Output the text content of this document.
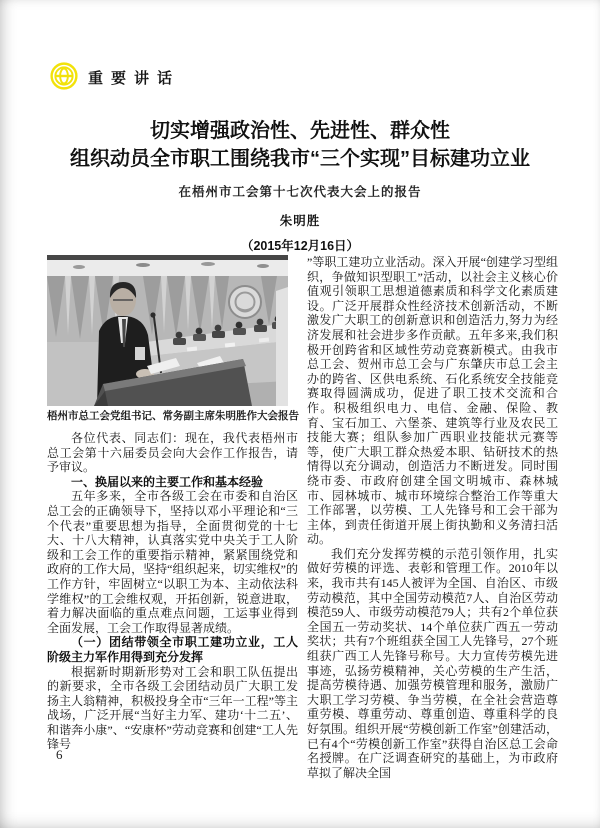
重要讲话
切实增强政治性、先进性、群众性
组织动员全市职工围绕我市“三个实现”目标建功立业
在梧州市工会第十七次代表大会上的报告
朱明胜
（2015年12月16日）
梧州市总工会党组书记、常务副主席朱明胜作大会报告

各位代表、同志们：现在，我代表梧州市总工会第十六届委员会向大会作工作报告，请予审议。

一、换届以来的主要工作和基本经验

五年多来，全市各级工会在市委和自治区总工会的正确领导下，坚持以邓小平理论和“三个代表”重要思想为指导，全面贯彻党的十七大、十八大精神，认真落实党中央关于工人阶级和工会工作的重要指示精神，紧紧围绕党和政府的工作大局，坚持“组织起来，切实维权”的工作方针，牢固树立“以职工为本、主动依法科学维权”的工会维权观，开拓创新，锐意进取，着力解决面临的重点难点问题，工运事业得到全面发展，工会工作取得显著成绩。

（一）团结带领全市职工建功立业，工人阶级主力军作用得到充分发挥

根据新时期新形势对工会和职工队伍提出的新要求，全市各级工会团结动员广大职工发扬主人翁精神，积极投身全市“三年一工程”等主战场，广泛开展“当好主力军、建功‘十二五’、和谐奔小康”、“安康杯”劳动竞赛和创建“工人先锋号

”等职工建功立业活动。深入开展“创建学习型组织，争做知识型职工”活动，以社会主义核心价值观引领职工思想道德素质和科学文化素质建设。广泛开展群众性经济技术创新活动，不断激发广大职工的创新意识和创造活力,努力为经济发展和社会进步多作贡献。五年多来,我们积极开创跨省和区域性劳动竞赛新模式。由我市总工会、贺州市总工会与广东肇庆市总工会主办的跨省、区供电系统、石化系统安全技能竞赛取得圆满成功，促进了职工技术交流和合作。积极组织电力、电信、金融、保险、教育、宝石加工、六堡茶、建筑等行业及农民工技能大赛；组队参加广西职业技能状元赛等等，使广大职工群众热爱本职、钻研技术的热情得以充分调动，创造活力不断迸发。同时围绕市委、市政府创建全国文明城市、森林城市、园林城市、城市环境综合整治工作等重大工作部署，以劳模、工人先锋号和工会干部为主体，到责任街道开展上街执勤和义务清扫活动。

我们充分发挥劳模的示范引领作用，扎实做好劳模的评选、表彰和管理工作。2010年以来，我市共有145人被评为全国、自治区、市级劳动模范，其中全国劳动模范7人、自治区劳动模范59人、市级劳动模范79人；共有2个单位获全国五一劳动奖状、14个单位获广西五一劳动奖状；共有7个班组获全国工人先锋号，27个班组获广西工人先锋号称号。大力宣传劳模先进事迹，弘扬劳模精神，关心劳模的生产生活，提高劳模待遇、加强劳模管理和服务，激励广大职工学习劳模、争当劳模，在全社会营造尊重劳模、尊重劳动、尊重创造、尊重科学的良好氛围。组织开展“劳模创新工作室”创建活动，已有4个“劳模创新工作室”获得自治区总工会命名授牌。在广泛调查研究的基础上，为市政府草拟了解决全国

6
